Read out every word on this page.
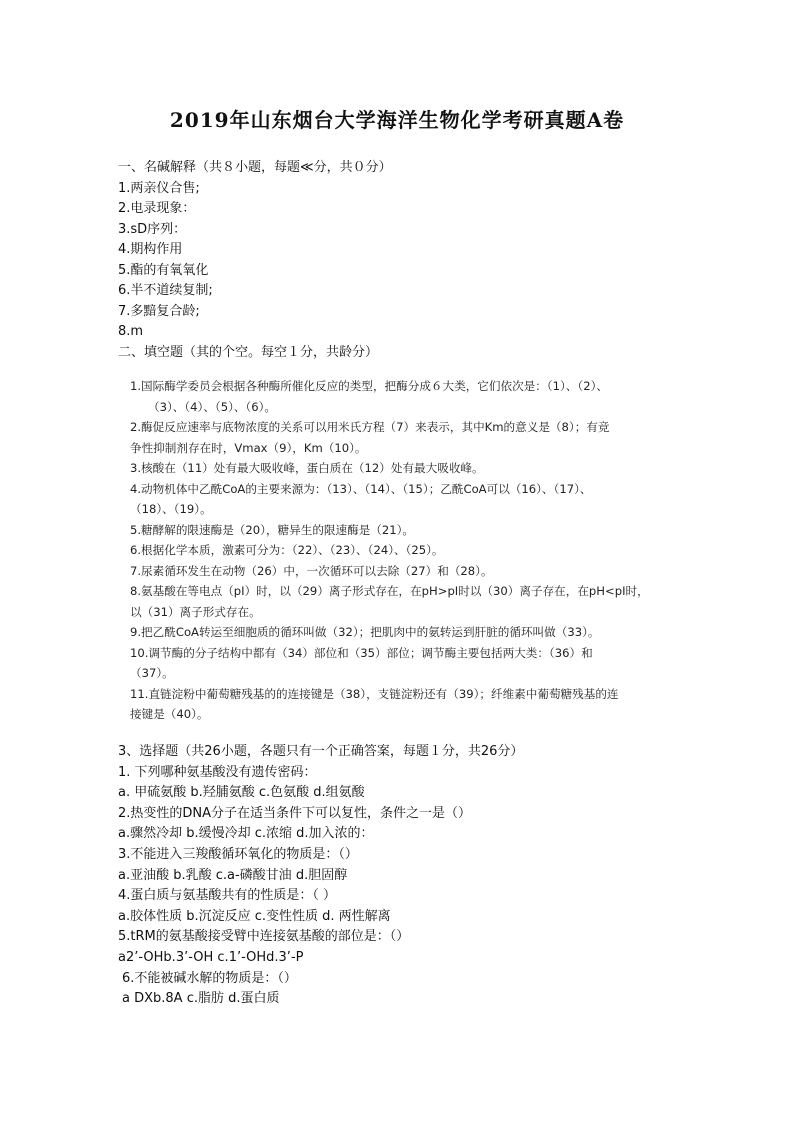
2019年山东烟台大学海洋生物化学考研真题A卷
一、名碱解释（共８小题，每题≪分，共０分）
1.两亲仪合售;
2.电录现象：
3.sD序列：
4.期构作用
5.酯的有氧氧化
6.半不道续复制;
7.多黯复合龄;
8.m
二、填空题（其的个空。每空１分，共龄分）
1.国际酶学委员会根据各种酶所催化反应的类型，把酶分成６大类，它们依次是：（1）、（2）、
（3）、（4）、（5）、（6）。
2.酶促反应速率与底物浓度的关系可以用米氏方程（7）来表示，其中Km的意义是（8）；有竞
争性抑制剂存在时，Vmax（9），Km（10）。
3.核酸在（11）处有最大吸收峰，蛋白质在（12）处有最大吸收峰。
4.动物机体中乙酰CoA的主要来源为：（13）、（14）、（15）；乙酰CoA可以（16）、（17）、
（18）、（19）。
5.糖酵解的限速酶是（20），糖异生的限速酶是（21）。
6.根据化学本质，激素可分为：（22）、（23）、（24）、（25）。
7.尿素循环发生在动物（26）中，一次循环可以去除（27）和（28）。
8.氨基酸在等电点（pI）时，以（29）离子形式存在，在pH>pI时以（30）离子存在，在pH<pI时，
以（31）离子形式存在。
9.把乙酰CoA转运至细胞质的循环叫做（32）；把肌肉中的氨转运到肝脏的循环叫做（33）。
10.调节酶的分子结构中都有（34）部位和（35）部位；调节酶主要包括两大类：（36）和
（37）。
11.直链淀粉中葡萄糖残基的的连接键是（38），支链淀粉还有（39）；纤维素中葡萄糖残基的连
接键是（40）。
3、选择题（共26小题，各题只有一个正确答案，每题１分，共26分）
1. 下列哪种氨基酸没有遗传密码：
a. 甲硫氨酸 b.羟脯氨酸 c.色氨酸 d.组氨酸
2.热变性的DNA分子在适当条件下可以复性，条件之一是（）
a.骤然冷却 b.缓慢冷却 c.浓缩 d.加入浓的：
3.不能进入三羧酸循环氧化的物质是：（）
a.亚油酸 b.乳酸 c.a-磷酸甘油 d.胆固醇
4.蛋白质与氨基酸共有的性质是：（ ）
a.胶体性质 b.沉淀反应 c.变性性质 d. 两性解离
5.tRM的氨基酸接受臂中连接氨基酸的部位是：（）
a2’-OHb.3’-OH c.1’-OHd.3’-P
6.不能被碱水解的物质是：（）
a DXb.8A c.脂肪 d.蛋白质
